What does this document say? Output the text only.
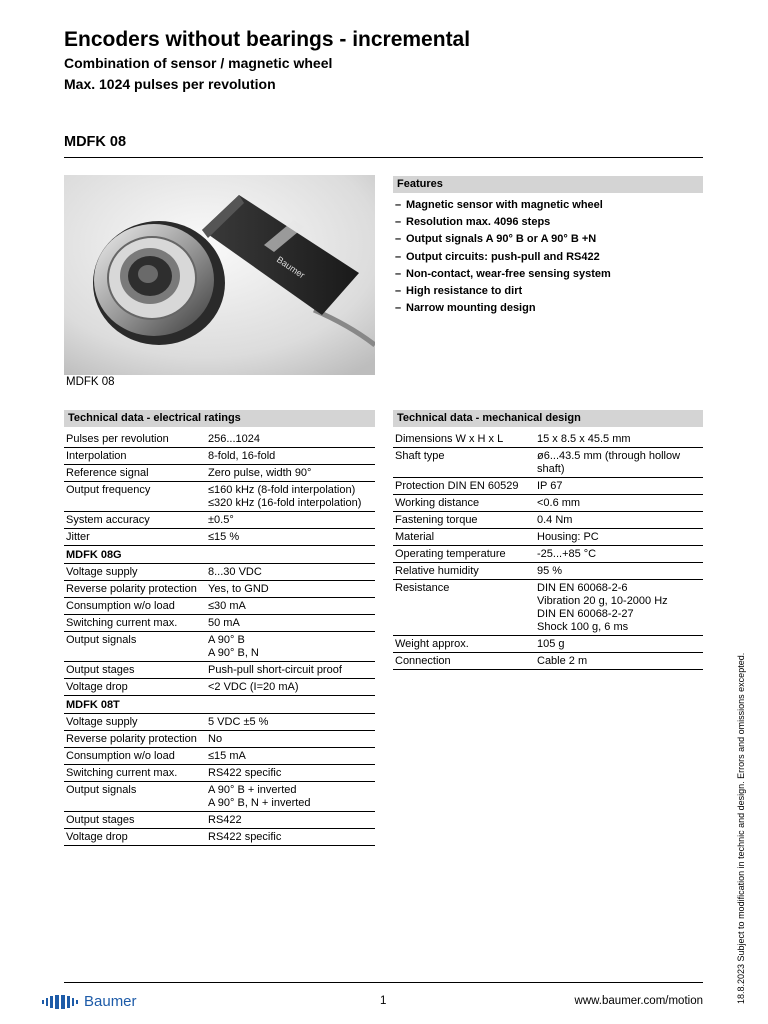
Encoders without bearings - incremental
Combination of sensor / magnetic wheel
Max. 1024 pulses per revolution
MDFK 08
Baumer
MDFK 08
Features
– Magnetic sensor with magnetic wheel
– Resolution max. 4096 steps
– Output signals A 90° B or A 90° B +N
– Output circuits: push-pull and RS422
– Non-contact, wear-free sensing system
– High resistance to dirt
– Narrow mounting design
Technical data - electrical ratings
Pulses per revolution	256...1024
Interpolation	8-fold, 16-fold
Reference signal	Zero pulse, width 90°
Output frequency	≤160 kHz (8-fold interpolation)
≤320 kHz (16-fold interpolation)
System accuracy	±0.5°
Jitter	≤15 %
MDFK 08G
Voltage supply	8...30 VDC
Reverse polarity protection	Yes, to GND
Consumption w/o load	≤30 mA
Switching current max.	50 mA
Output signals	A 90° B
A 90° B, N
Output stages	Push-pull short-circuit proof
Voltage drop	<2 VDC (I=20 mA)
MDFK 08T
Voltage supply	5 VDC ±5 %
Reverse polarity protection	No
Consumption w/o load	≤15 mA
Switching current max.	RS422 specific
Output signals	A 90° B + inverted
A 90° B, N + inverted
Output stages	RS422
Voltage drop	RS422 specific
Technical data - mechanical design
Dimensions W x H x L	15 x 8.5 x 45.5 mm
Shaft type	ø6...43.5 mm (through hollow shaft)
Protection DIN EN 60529	IP 67
Working distance	<0.6 mm
Fastening torque	0.4 Nm
Material	Housing: PC
Operating temperature	-25...+85 °C
Relative humidity	95 %
Resistance	DIN EN 60068-2-6
Vibration 20 g, 10-2000 Hz
DIN EN 60068-2-27
Shock 100 g, 6 ms
Weight approx.	105 g
Connection	Cable 2 m	18.8.2023 Subject to modiﬁcation in technic and design. Errors and omissions excepted.
Baumer	1	www.baumer.com/motion
